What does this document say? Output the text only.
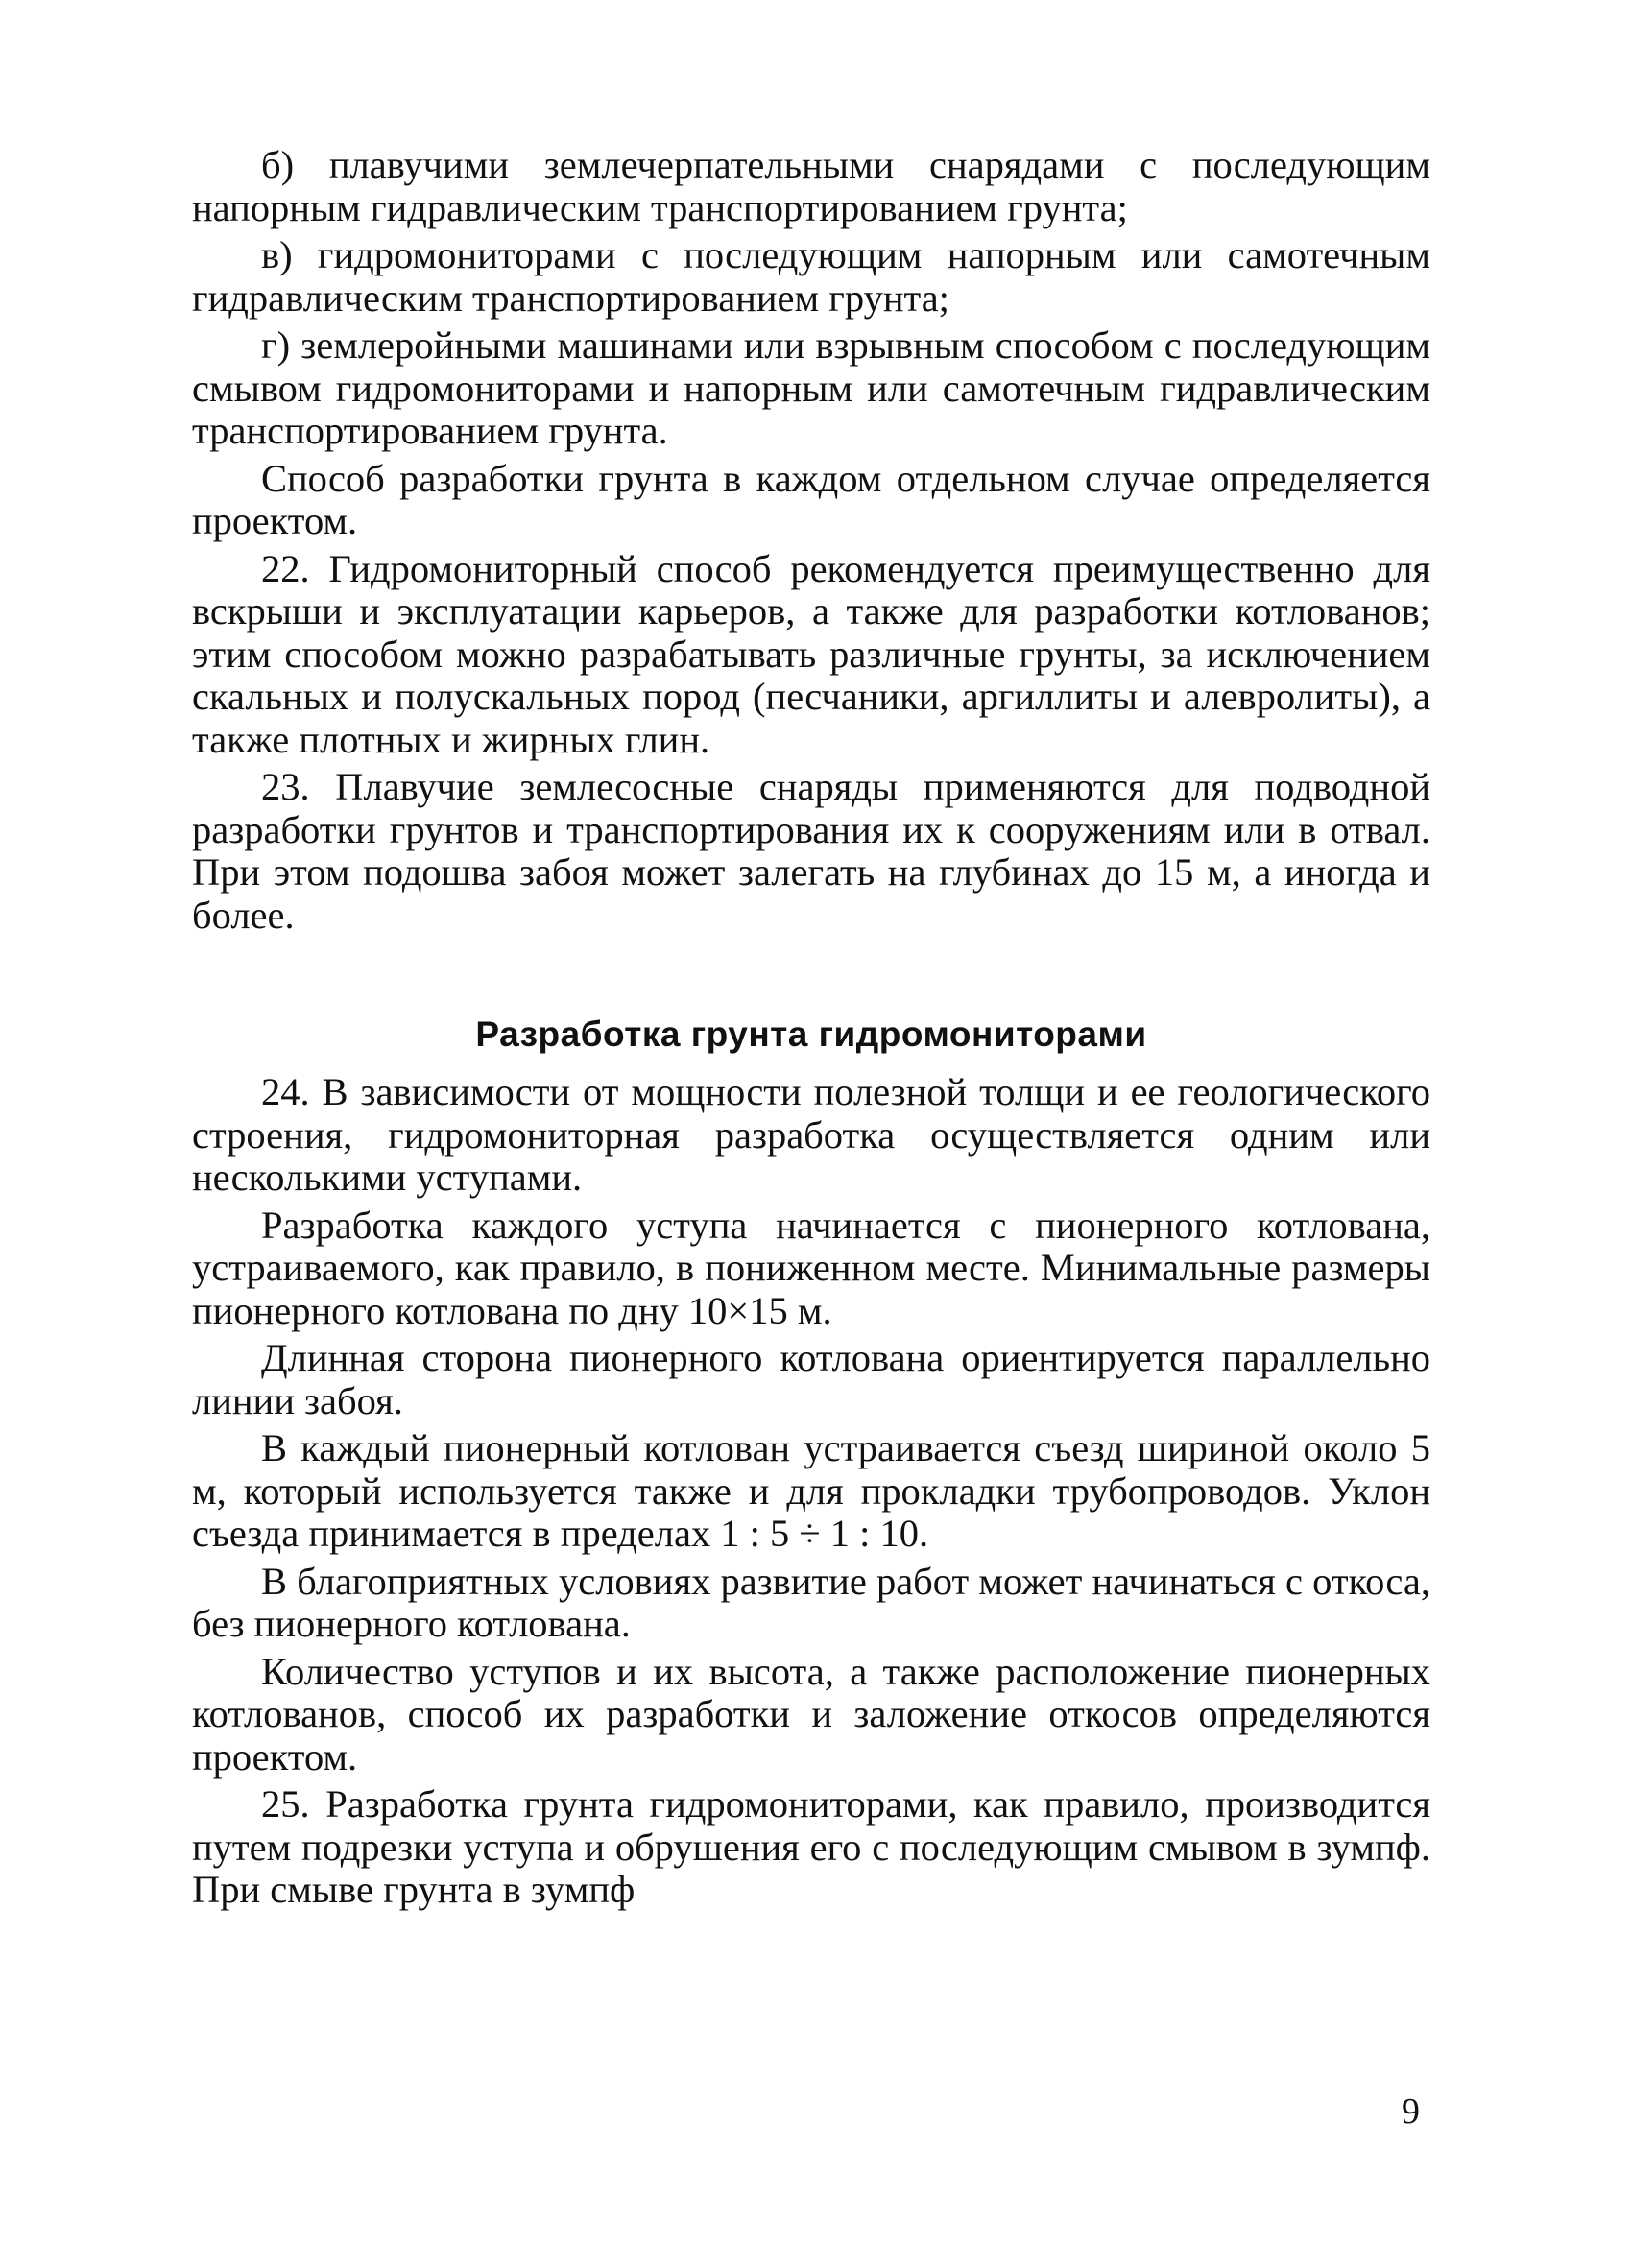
б) плавучими землечерпательными снарядами с последующим напорным гидравлическим транспортированием грунта;

в) гидромониторами с последующим напорным или самотечным гидравлическим транспортированием грунта;

г) землеройными машинами или взрывным способом с последующим смывом гидромониторами и напорным или самотечным гидравлическим транспортированием грунта.

Способ разработки грунта в каждом отдельном случае определяется проектом.

22. Гидромониторный способ рекомендуется преимущественно для вскрыши и эксплуатации карьеров, а также для разработки котлованов; этим способом можно разрабатывать различные грунты, за исключением скальных и полускальных пород (песчаники, аргиллиты и алевролиты), а также плотных и жирных глин.

23. Плавучие землесосные снаряды применяются для подводной разработки грунтов и транспортирования их к сооружениям или в отвал. При этом подошва забоя может залегать на глубинах до 15 м, а иногда и более.

Разработка грунта гидромониторами

24. В зависимости от мощности полезной толщи и ее геологического строения, гидромониторная разработка осуществляется одним или несколькими уступами.

Разработка каждого уступа начинается с пионерного котлована, устраиваемого, как правило, в пониженном месте. Минимальные размеры пионерного котлована по дну 10×15 м.

Длинная сторона пионерного котлована ориентируется параллельно линии забоя.

В каждый пионерный котлован устраивается съезд шириной около 5 м, который используется также и для прокладки трубопроводов. Уклон съезда принимается в пределах 1 : 5 ÷ 1 : 10.

В благоприятных условиях развитие работ может начинаться с откоса, без пионерного котлована.

Количество уступов и их высота, а также расположение пионерных котлованов, способ их разработки и заложение откосов определяются проектом.

25. Разработка грунта гидромониторами, как правило, производится путем подрезки уступа и обрушения его с последующим смывом в зумпф. При смыве грунта в зумпф

9
